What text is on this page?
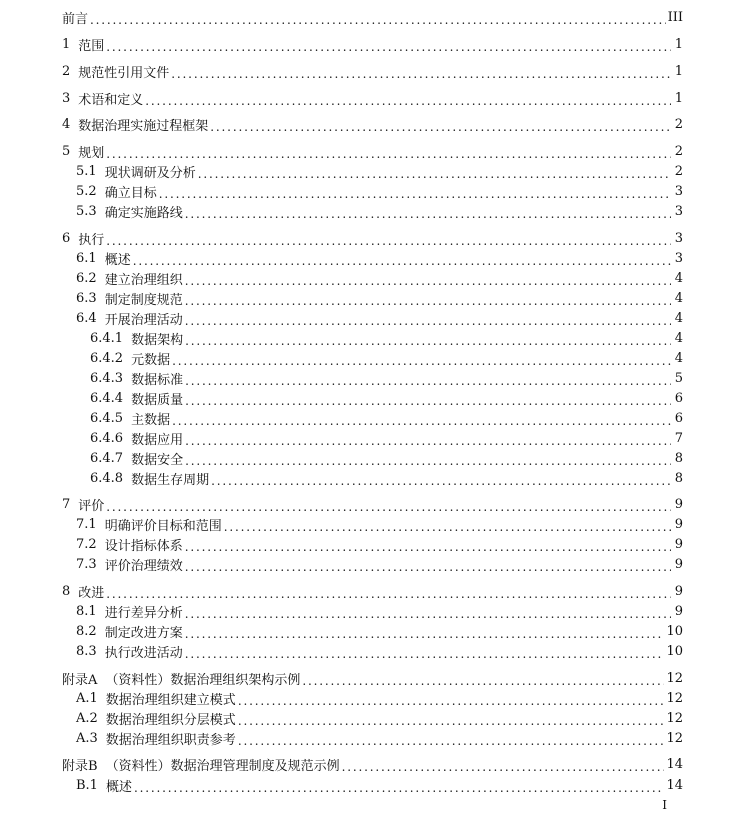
前言 . . .	III
1 范围 . . .	1
2 规范性引用文件 . . .	1
3 术语和定义 . . .	1
4 数据治理实施过程框架 . . .	2
5 规划 . . .	2
5.1 现状调研及分析 . . .	2
5.2 确立目标 . . .	3
5.3 确定实施路线 . . .	3
6 执行 . . .	3
6.1 概述 . . .	3
6.2 建立治理组织 . . .	4
6.3 制定制度规范 . . .	4
6.4 开展治理活动 . . .	4
6.4.1 数据架构 . . .	4
6.4.2 元数据 . . .	4
6.4.3 数据标准 . . .	5
6.4.4 数据质量 . . .	6
6.4.5 主数据 . . .	6
6.4.6 数据应用 . . .	7
6.4.7 数据安全 . . .	8
6.4.8 数据生存周期 . . .	8
7 评价 . . .	9
7.1 明确评价目标和范围 . . .	9
7.2 设计指标体系 . . .	9
7.3 评价治理绩效 . . .	9
8 改进 . . .	9
8.1 进行差异分析 . . .	9
8.2 制定改进方案 . . .	10
8.3 执行改进活动 . . .	10
附录A （资料性）数据治理组织架构示例 . . .	12
A.1 数据治理组织建立模式 . . .	12
A.2 数据治理组织分层模式 . . .	12
A.3 数据治理组织职责参考 . . .	12
附录B （资料性）数据治理管理制度及规范示例 . . .	14
B.1 概述 . . .	14
I
